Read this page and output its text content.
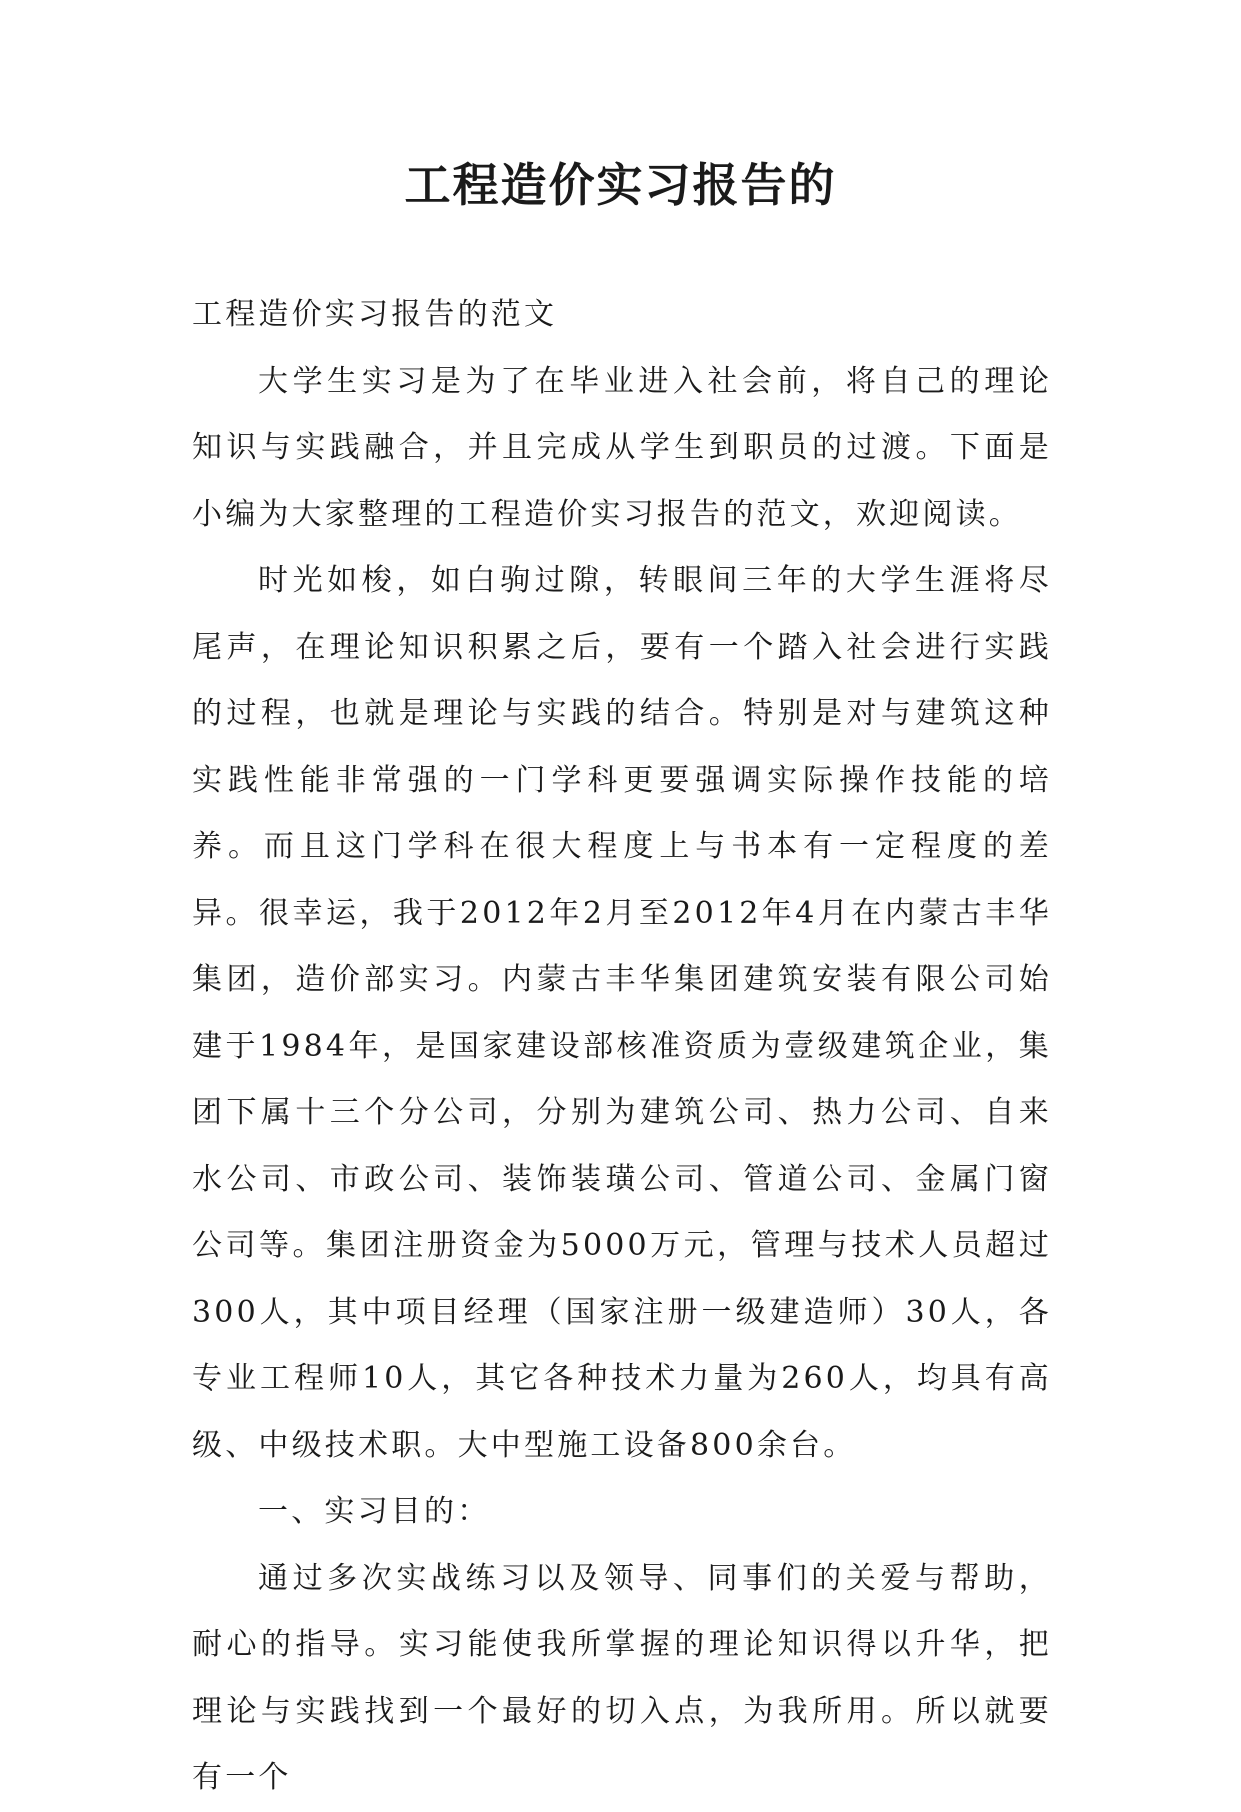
工程造价实习报告的

工程造价实习报告的范文

大学生实习是为了在毕业进入社会前，将自己的理论知识与实践融合，并且完成从学生到职员的过渡。下面是小编为大家整理的工程造价实习报告的范文，欢迎阅读。

时光如梭，如白驹过隙，转眼间三年的大学生涯将尽尾声，在理论知识积累之后，要有一个踏入社会进行实践的过程，也就是理论与实践的结合。特别是对与建筑这种实践性能非常强的一门学科更要强调实际操作技能的培养。而且这门学科在很大程度上与书本有一定程度的差异。很幸运，我于2012年2月至2012年4月在内蒙古丰华集团，造价部实习。内蒙古丰华集团建筑安装有限公司始建于1984年，是国家建设部核准资质为壹级建筑企业，集团下属十三个分公司，分别为建筑公司、热力公司、自来水公司、市政公司、装饰装璜公司、管道公司、金属门窗公司等。集团注册资金为5000万元，管理与技术人员超过300人，其中项目经理（国家注册一级建造师）30人，各专业工程师10人，其它各种技术力量为260人，均具有高级、中级技术职。大中型施工设备800余台。

一、实习目的：

通过多次实战练习以及领导、同事们的关爱与帮助，耐心的指导。实习能使我所掌握的理论知识得以升华，把理论与实践找到一个最好的切入点，为我所用。所以就要有一个
